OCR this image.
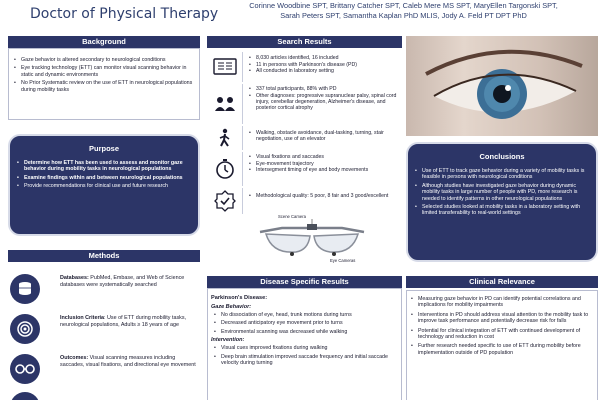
Doctor of Physical Therapy
Corinne Woodbine SPT, Brittany Catcher SPT, Caleb Mere MS SPT, MaryEllen Targonski SPT,
Sarah Peters SPT, Samantha Kaplan PhD MLIS, Jody A. Feld PT DPT PhD
Background
• Gaze behavior is altered secondary to neurological conditions
• Eye tracking technology (ETT) can monitor visual scanning behavior in static and dynamic environments
• No Prior Systematic review on the use of ETT in neurological populations during mobility tasks
Purpose
• Determine how ETT has been used to assess and monitor gaze behavior during mobility tasks in neurological populations
• Examine findings within and between neurological populations
• Provide recommendations for clinical use and future research
Methods
Databases: PubMed, Embase, and Web of Science databases were systematically searched
Inclusion Criteria: Use of ETT during mobility tasks, neurological populations, Adults ≥ 18 years of age
Outcomes: Visual scanning measures including saccades, visual fixations, and directional eye movement
Search Results
• 8,030 articles identified, 16 included
• 11 in persons with Parkinson's disease (PD)
• All conducted in laboratory setting
• 337 total participants, 88% with PD
• Other diagnoses: progressive supranuclear palsy, spinal cord injury, cerebellar degeneration, Alzheimer's disease, and posterior cortical atrophy
• Walking, obstacle avoidance, dual-tasking, turning, stair negotiation, use of an elevator
• Visual fixations and saccades
• Eye-movement trajectory
• Intersegment timing of eye and body movements
• Methodological quality: 5 poor, 8 fair and 3 good/excellent
Conclusions
• Use of ETT to track gaze behavior during a variety of mobility tasks is feasible in persons with neurological conditions
• Although studies have investigated gaze behavior during dynamic mobility tasks in large number of people with PD, more research is needed to identify patterns in other neurological populations
• Selected studies looked at mobility tasks in a laboratory setting with limited transferability to real-world settings
Scene Camera
Eye Cameras
Disease Specific Results
Parkinson's Disease:
Gaze Behavior:
• No dissociation of eye, head, trunk motions during turns
• Decreased anticipatory eye movement prior to turns
• Environmental scanning was decreased while walking
Intervention:
• Visual cues improved fixations during walking
• Deep brain stimulation improved saccade frequency and initial saccade velocity during turning
Clinical Relevance
• Measuring gaze behavior in PD can identify potential correlations and implications for mobility impairments
• Interventions in PD should address visual attention to the mobility task to improve task performance and potentially decrease risk for falls
• Potential for clinical integration of ETT with continued development of technology and reduction in cost
• Further research needed specific to use of ETT during mobility before implementation outside of PD population
